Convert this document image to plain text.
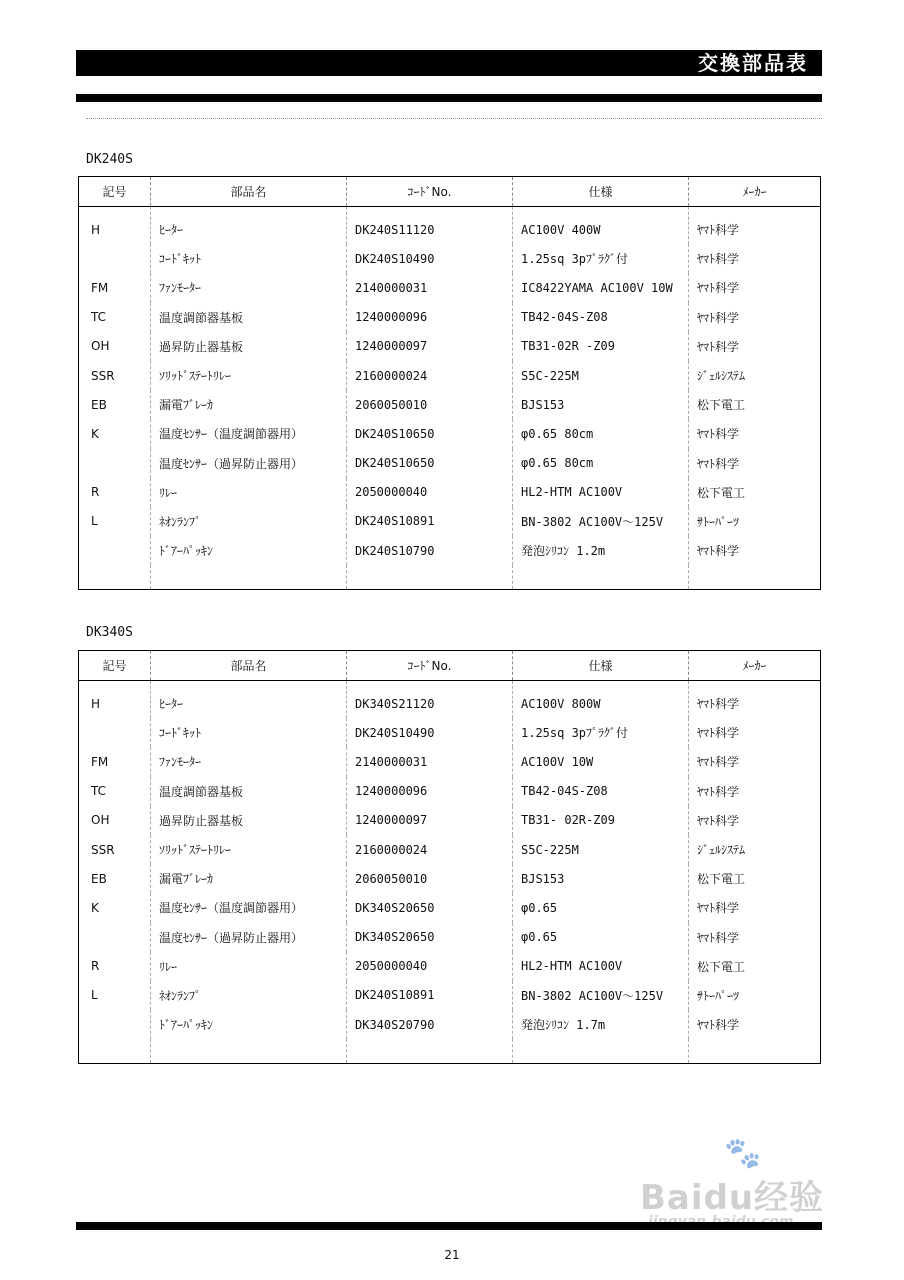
交換部品表
DK240S
記号	部品名	ｺｰﾄﾞNo.	仕様	ﾒｰｶｰ
H	ﾋｰﾀｰ	DK240S11120	AC100V 400W	ﾔﾏﾄ科学
	ｺｰﾄﾞｷｯﾄ	DK240S10490	1.25sq 3pﾌﾟﾗｸﾞ付	ﾔﾏﾄ科学
FM	ﾌｧﾝﾓｰﾀｰ	2140000031	IC8422YAMA AC100V 10W	ﾔﾏﾄ科学
TC	温度調節器基板	1240000096	TB42-04S-Z08	ﾔﾏﾄ科学
OH	過昇防止器基板	1240000097	TB31-02R -Z09	ﾔﾏﾄ科学
SSR	ｿﾘｯﾄﾞｽﾃｰﾄﾘﾚｰ	2160000024	S5C-225M	ｼﾞｪﾙｼｽﾃﾑ
EB	漏電ﾌﾞﾚｰｶ	2060050010	BJS153	松下電工
K	温度ｾﾝｻｰ（温度調節器用）	DK240S10650	φ0.65 80cm	ﾔﾏﾄ科学
	温度ｾﾝｻｰ（過昇防止器用）	DK240S10650	φ0.65 80cm	ﾔﾏﾄ科学
R	ﾘﾚｰ	2050000040	HL2-HTM AC100V	松下電工
L	ﾈｵﾝﾗﾝﾌﾟ	DK240S10891	BN-3802 AC100V～125V	ｻﾄｰﾊﾟｰﾂ
	ﾄﾞｱｰﾊﾟｯｷﾝ	DK240S10790	発泡ｼﾘｺﾝ 1.2m	ﾔﾏﾄ科学

DK340S
記号	部品名	ｺｰﾄﾞNo.	仕様	ﾒｰｶｰ
H	ﾋｰﾀｰ	DK340S21120	AC100V 800W	ﾔﾏﾄ科学
	ｺｰﾄﾞｷｯﾄ	DK240S10490	1.25sq 3pﾌﾟﾗｸﾞ付	ﾔﾏﾄ科学
FM	ﾌｧﾝﾓｰﾀｰ	2140000031	AC100V 10W	ﾔﾏﾄ科学
TC	温度調節器基板	1240000096	TB42-04S-Z08	ﾔﾏﾄ科学
OH	過昇防止器基板	1240000097	TB31- 02R-Z09	ﾔﾏﾄ科学
SSR	ｿﾘｯﾄﾞｽﾃｰﾄﾘﾚｰ	2160000024	S5C-225M	ｼﾞｪﾙｼｽﾃﾑ
EB	漏電ﾌﾞﾚｰｶ	2060050010	BJS153	松下電工
K	温度ｾﾝｻｰ（温度調節器用）	DK340S20650	φ0.65	ﾔﾏﾄ科学
	温度ｾﾝｻｰ（過昇防止器用）	DK340S20650	φ0.65	ﾔﾏﾄ科学
R	ﾘﾚｰ	2050000040	HL2-HTM AC100V	松下電工
L	ﾈｵﾝﾗﾝﾌﾟ	DK240S10891	BN-3802 AC100V～125V	ｻﾄｰﾊﾟｰﾂ
	ﾄﾞｱｰﾊﾟｯｷﾝ	DK340S20790	発泡ｼﾘｺﾝ 1.7m	ﾔﾏﾄ科学

🐾
Baidu经验
21
